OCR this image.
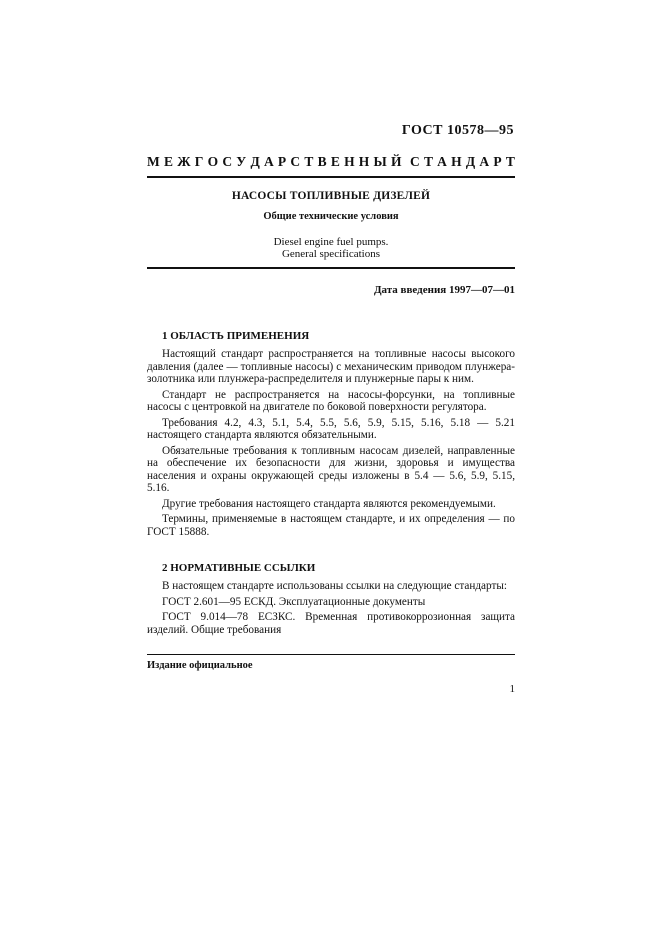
ГОСТ 10578—95
М Е Ж Г О С У Д А Р С Т В Е Н Н Ы Й С Т А Н Д А Р Т
НАСОСЫ ТОПЛИВНЫЕ ДИЗЕЛЕЙ
Общие технические условия
Diesel engine fuel pumps.
General specifications
Дата введения 1997—07—01
1 ОБЛАСТЬ ПРИМЕНЕНИЯ

Настоящий стандарт распространяется на топливные насосы высокого давления (далее — топливные насосы) с механическим приводом плунжера-золотника или плунжера-распределителя и плунжерные пары к ним.

Стандарт не распространяется на насосы-форсунки, на топливные насосы с центровкой на двигателе по боковой поверхности регулятора.

Требования 4.2, 4.3, 5.1, 5.4, 5.5, 5.6, 5.9, 5.15, 5.16, 5.18 — 5.21 настоящего стандарта являются обязательными.

Обязательные требования к топливным насосам дизелей, направленные на обеспечение их безопасности для жизни, здоровья и имущества населения и охраны окружающей среды изложены в 5.4 — 5.6, 5.9, 5.15, 5.16.

Другие требования настоящего стандарта являются рекомендуемыми.

Термины, применяемые в настоящем стандарте, и их определения — по ГОСТ 15888.

2 НОРМАТИВНЫЕ ССЫЛКИ

В настоящем стандарте использованы ссылки на следующие стандарты:

ГОСТ 2.601—95 ЕСКД. Эксплуатационные документы

ГОСТ 9.014—78 ЕСЗКС. Временная противокоррозионная защита изделий. Общие требования

Издание официальное
1
